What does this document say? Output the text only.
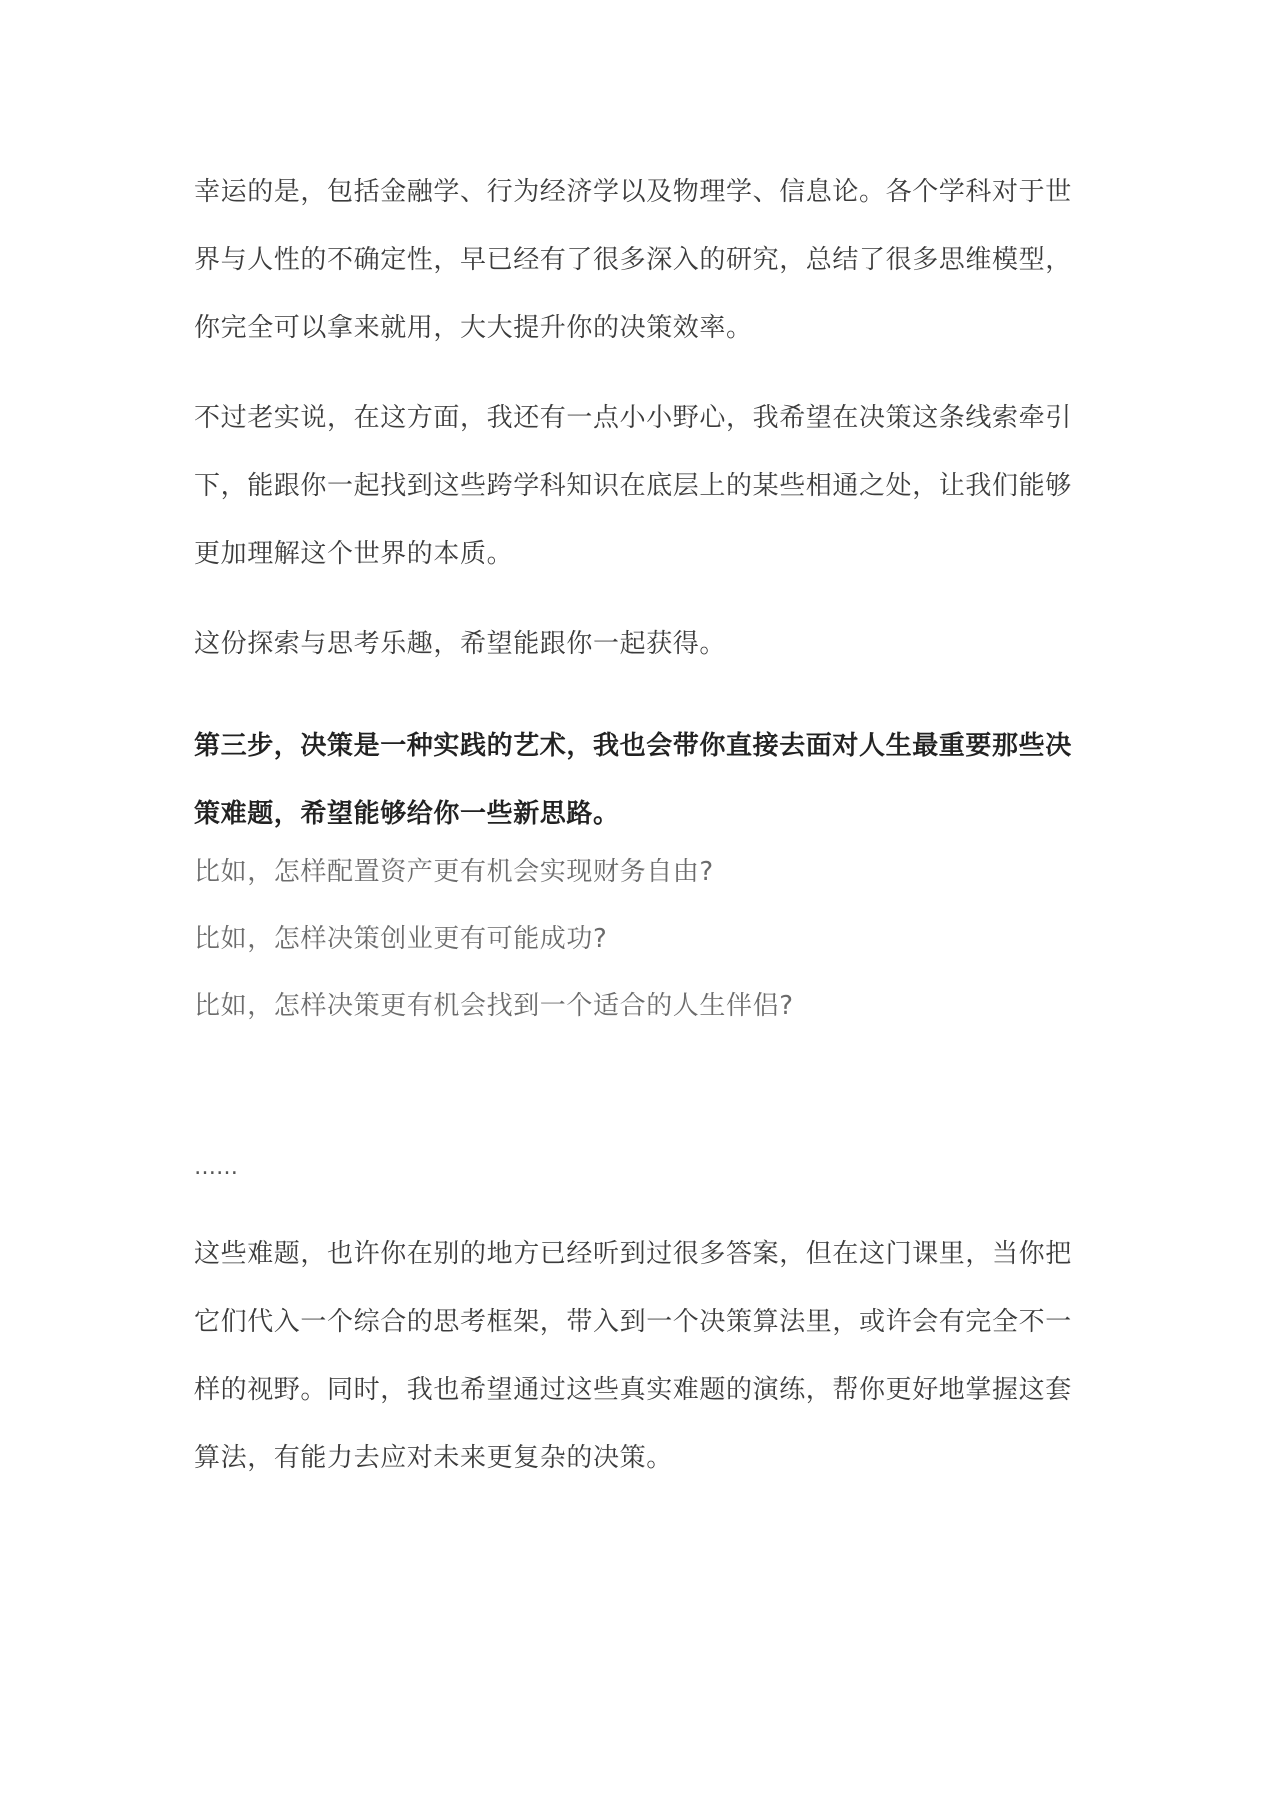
幸运的是，包括金融学、行为经济学以及物理学、信息论。各个学科对于世界与人性的不确定性，早已经有了很多深入的研究，总结了很多思维模型，你完全可以拿来就用，大大提升你的决策效率。

不过老实说，在这方面，我还有一点小小野心，我希望在决策这条线索牵引下，能跟你一起找到这些跨学科知识在底层上的某些相通之处，让我们能够更加理解这个世界的本质。

这份探索与思考乐趣，希望能跟你一起获得。

第三步，决策是一种实践的艺术，我也会带你直接去面对人生最重要那些决策难题，希望能够给你一些新思路。

比如，怎样配置资产更有机会实现财务自由?

比如，怎样决策创业更有可能成功?

比如，怎样决策更有机会找到一个适合的人生伴侣?

……

这些难题，也许你在别的地方已经听到过很多答案，但在这门课里，当你把它们代入一个综合的思考框架，带入到一个决策算法里，或许会有完全不一样的视野。同时，我也希望通过这些真实难题的演练，帮你更好地掌握这套算法，有能力去应对未来更复杂的决策。
